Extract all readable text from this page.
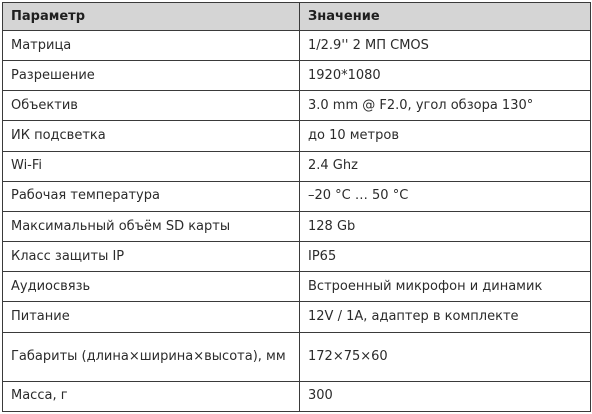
Параметр	Значение
Матрица	1/2.9'' 2 МП CMOS
Разрешение	1920*1080
Объектив	3.0 mm @ F2.0, угол обзора 130°
ИК подсветка	до 10 метров
Wi-Fi	2.4 Ghz
Рабочая температура	–20 °С … 50 °С
Максимальный объём SD карты	128 Gb
Класс защиты IP	IP65
Аудиосвязь	Встроенный микрофон и динамик
Питание	12V / 1A, адаптер в комплекте
Габариты (длина×ширина×высота), мм	172×75×60
Масса, г	300
